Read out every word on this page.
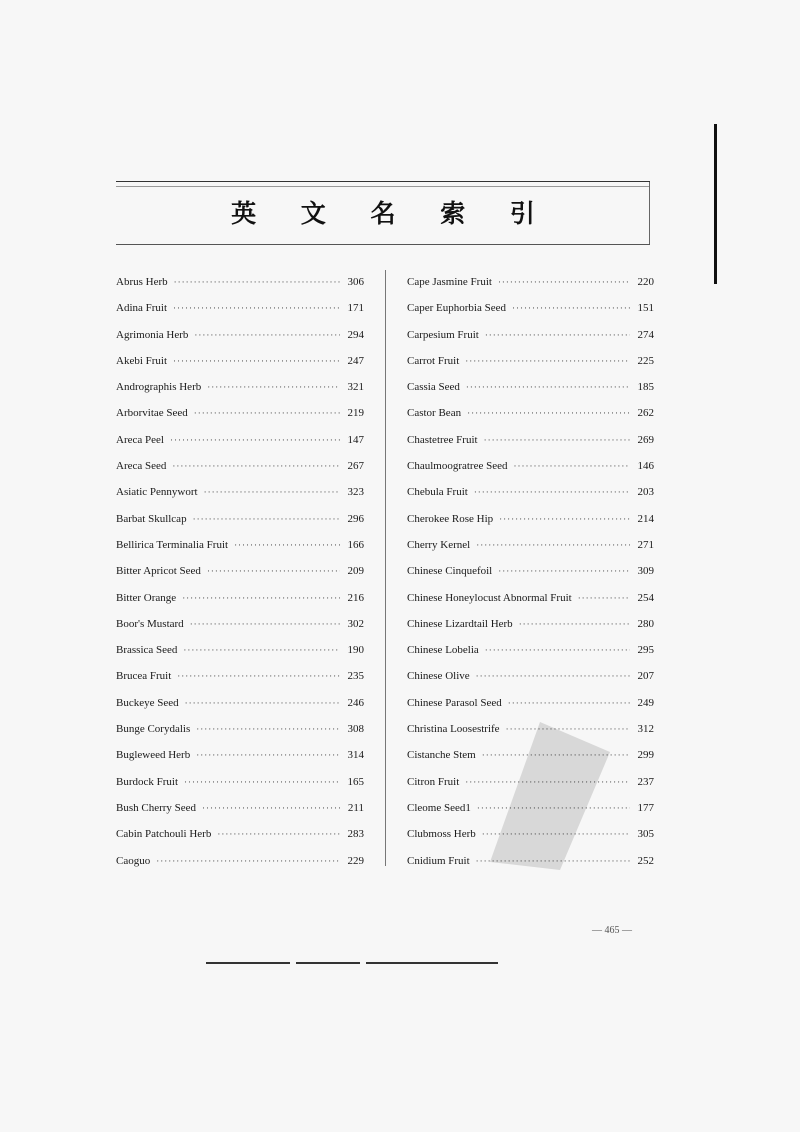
英 文 名 索 引
Abrus Herb ·····	306
Adina Fruit ·····	171
Agrimonia Herb ·····	294
Akebi Fruit ·····	247
Andrographis Herb ·····	321
Arborvitae Seed ·····	219
Areca Peel ·····	147
Areca Seed ·····	267
Asiatic Pennywort ·····	323
Barbat Skullcap ·····	296
Bellirica Terminalia Fruit ·····	166
Bitter Apricot Seed ·····	209
Bitter Orange ·····	216
Boor's Mustard ·····	302
Brassica Seed ·····	190
Brucea Fruit ·····	235
Buckeye Seed ·····	246
Bunge Corydalis ·····	308
Bugleweed Herb ·····	314
Burdock Fruit ·····	165
Bush Cherry Seed ·····	211
Cabin Patchouli Herb ·····	283
Caoguo ·····	229
Cape Jasmine Fruit ·····	220
Caper Euphorbia Seed ·····	151
Carpesium Fruit ·····	274
Carrot Fruit ·····	225
Cassia Seed ·····	185
Castor Bean ·····	262
Chastetree Fruit ·····	269
Chaulmoogratree Seed ·····	146
Chebula Fruit ·····	203
Cherokee Rose Hip ·····	214
Cherry Kernel ·····	271
Chinese Cinquefoil ·····	309
Chinese Honeylocust Abnormal Fruit ·····	254
Chinese Lizardtail Herb ·····	280
Chinese Lobelia ·····	295
Chinese Olive ·····	207
Chinese Parasol Seed ·····	249
Christina Loosestrife ·····	312
Cistanche Stem ·····	299
Citron Fruit ·····	237
Cleome Seed1 ·····	177
Clubmoss Herb ·····	305
Cnidium Fruit ·····	252
— 465 —
